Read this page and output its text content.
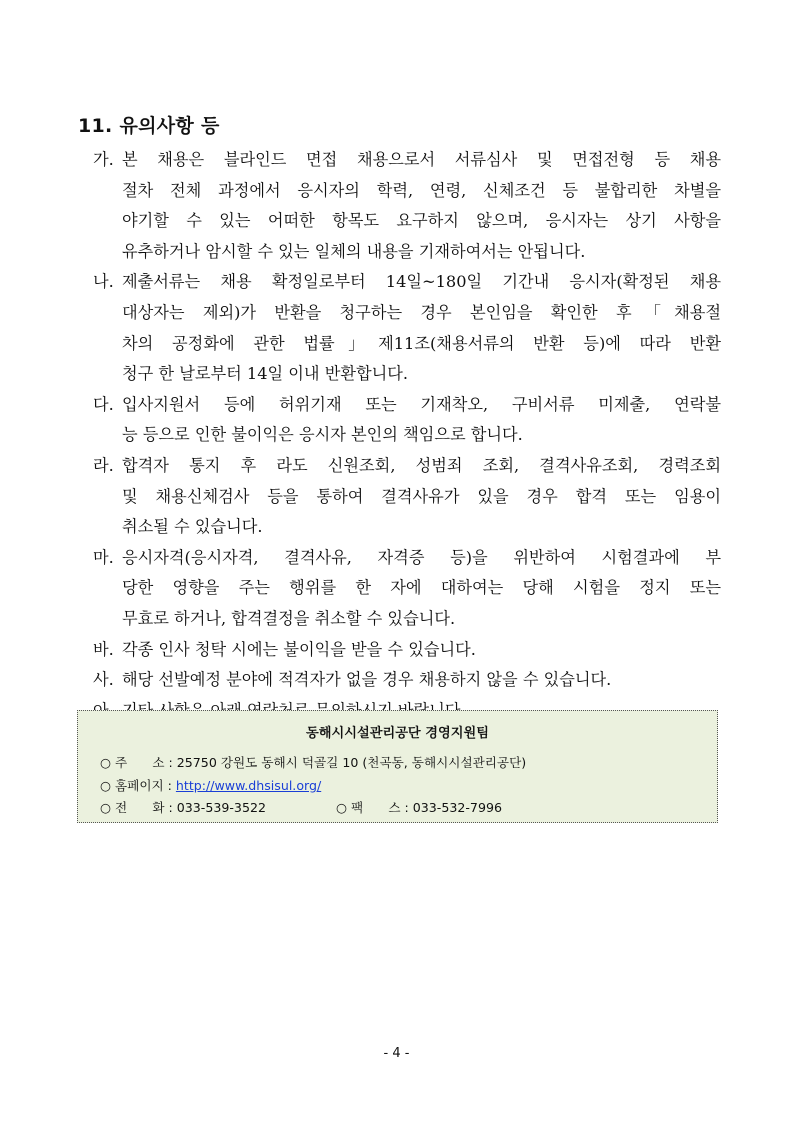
11. 유의사항 등
가. 본 채용은 블라인드 면접 채용으로서 서류심사 및 면접전형 등 채용
절차 전체 과정에서 응시자의 학력, 연령, 신체조건 등 불합리한 차별을
야기할 수 있는 어떠한 항목도 요구하지 않으며, 응시자는 상기 사항을
유추하거나 암시할 수 있는 일체의 내용을 기재하여서는 안됩니다.
나. 제출서류는 채용 확정일로부터 14일~180일 기간내 응시자(확정된 채용
대상자는 제외)가 반환을 청구하는 경우 본인임을 확인한 후「채용절
차의 공정화에 관한 법률」제11조(채용서류의 반환 등)에 따라 반환
청구 한 날로부터 14일 이내 반환합니다.
다. 입사지원서 등에 허위기재 또는 기재착오, 구비서류 미제출, 연락불
능 등으로 인한 불이익은 응시자 본인의 책임으로 합니다.
라. 합격자 통지 후 라도 신원조회, 성범죄 조회, 결격사유조회, 경력조회
및 채용신체검사 등을 통하여 결격사유가 있을 경우 합격 또는 임용이
취소될 수 있습니다.
마. 응시자격(응시자격, 결격사유, 자격증 등)을 위반하여 시험결과에 부
당한 영향을 주는 행위를 한 자에 대하여는 당해 시험을 정지 또는
무효로 하거나, 합격결정을 취소할 수 있습니다.
바. 각종 인사 청탁 시에는 불이익을 받을 수 있습니다.
사. 해당 선발예정 분야에 적격자가 없을 경우 채용하지 않을 수 있습니다.
동해시시설관리공단 경영지원팀
○ 주　　소 : 25750 강원도 동해시 덕골길 10 (천곡동, 동해시시설관리공단)
○ 홈페이지 : http://www.dhsisul.org/
○ 전　　화 : 033-539-3522	○ 팩　　스 : 033-532-7996
- 4 -
